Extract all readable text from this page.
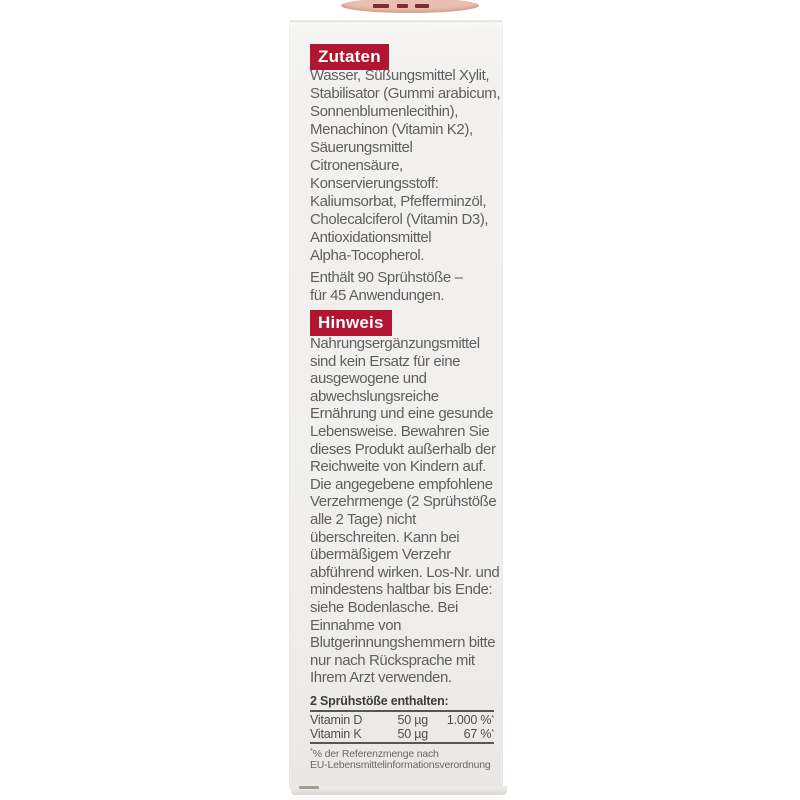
Zutaten
Wasser, Süßungsmittel Xylit,
Stabilisator (Gummi arabicum,
Sonnenblumenlecithin),
Menachinon (Vitamin K2),
Säuerungsmittel
Citronensäure,
Konservierungsstoff:
Kaliumsorbat, Pfefferminzöl,
Cholecalciferol (Vitamin D3),
Antioxidationsmittel
Alpha-Tocopherol.
Enthält 90 Sprühstöße –
für 45 Anwendungen.
Hinweis
Nahrungsergänzungsmittel
sind kein Ersatz für eine
ausgewogene und
abwechslungsreiche
Ernährung und eine gesunde
Lebensweise. Bewahren Sie
dieses Produkt außerhalb der
Reichweite von Kindern auf.
Die angegebene empfohlene
Verzehrmenge (2 Sprühstöße
alle 2 Tage) nicht
überschreiten. Kann bei
übermäßigem Verzehr
abführend wirken. Los-Nr. und
mindestens haltbar bis Ende:
siehe Bodenlasche. Bei
Einnahme von
Blutgerinnungshemmern bitte
nur nach Rücksprache mit
Ihrem Arzt verwenden.
2 Sprühstöße enthalten:
Vitamin D	50 µg	1.000 %*
Vitamin K	50 µg	67 %*
*% der Referenzmenge nach
EU-Lebensmittelinformationsverordnung
